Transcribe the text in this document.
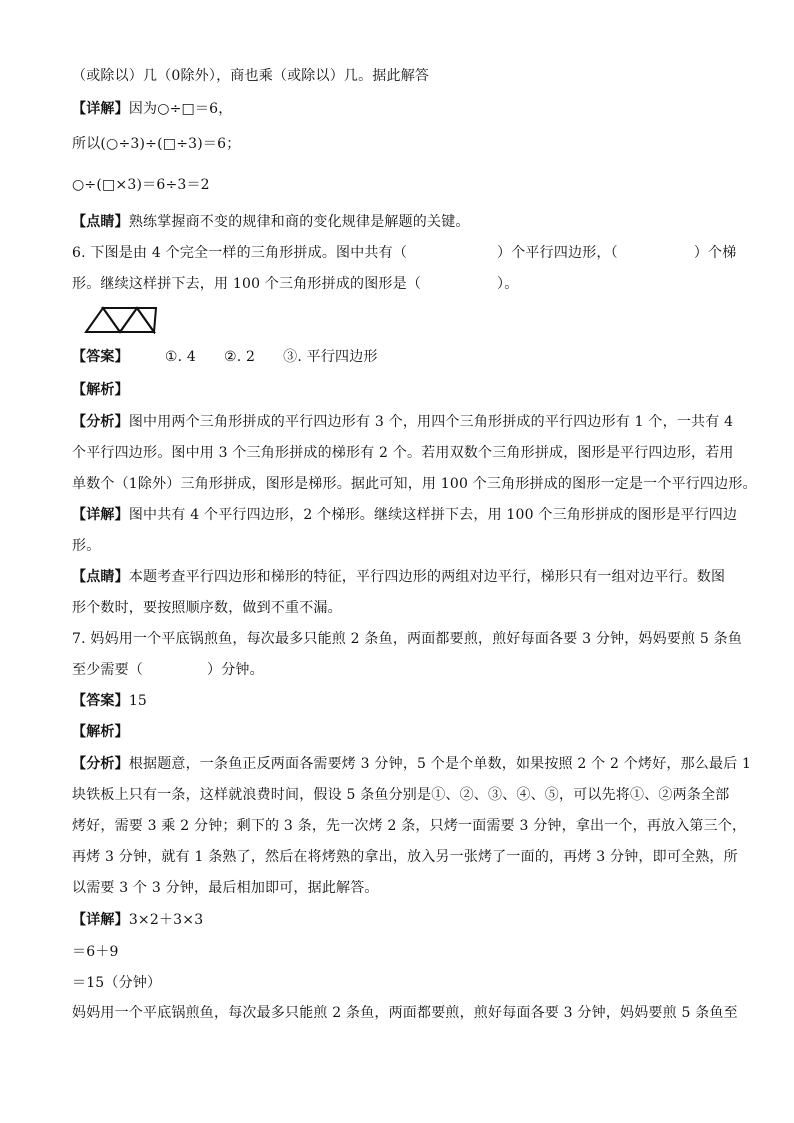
（或除以）几（0除外），商也乘（或除以）几。据此解答
【详解】因为○÷□＝6，
所以(○÷3)÷(□÷3)＝6；
○÷(□×3)＝6÷3＝2
【点睛】熟练掌握商不变的规律和商的变化规律是解题的关键。
6. 下图是由 4 个完全一样的三角形拼成。图中共有（	）个平行四边形，（	）个梯
形。继续这样拼下去，用 100 个三角形拼成的图形是（	）。
【答案】	①. 4 ②. 2 ③. 平行四边形
【解析】
【分析】图中用两个三角形拼成的平行四边形有 3 个，用四个三角形拼成的平行四边形有 1 个，一共有 4
个平行四边形。图中用 3 个三角形拼成的梯形有 2 个。若用双数个三角形拼成，图形是平行四边形，若用
单数个（1除外）三角形拼成，图形是梯形。据此可知，用 100 个三角形拼成的图形一定是一个平行四边形。
【详解】图中共有 4 个平行四边形，2 个梯形。继续这样拼下去，用 100 个三角形拼成的图形是平行四边
形。
【点睛】本题考查平行四边形和梯形的特征，平行四边形的两组对边平行，梯形只有一组对边平行。数图
形个数时，要按照顺序数，做到不重不漏。
7. 妈妈用一个平底锅煎鱼，每次最多只能煎 2 条鱼，两面都要煎，煎好每面各要 3 分钟，妈妈要煎 5 条鱼
至少需要（	）分钟。
【答案】15
【解析】
【分析】根据题意，一条鱼正反两面各需要烤 3 分钟，5 个是个单数，如果按照 2 个 2 个烤好，那么最后 1
块铁板上只有一条，这样就浪费时间，假设 5 条鱼分别是①、②、③、④、⑤，可以先将①、②两条全部
烤好，需要 3 乘 2 分钟；剩下的 3 条，先一次烤 2 条，只烤一面需要 3 分钟，拿出一个，再放入第三个，
再烤 3 分钟，就有 1 条熟了，然后在将烤熟的拿出，放入另一张烤了一面的，再烤 3 分钟，即可全熟，所
以需要 3 个 3 分钟，最后相加即可，据此解答。
【详解】3×2＋3×3
＝6＋9
＝15（分钟）
妈妈用一个平底锅煎鱼，每次最多只能煎 2 条鱼，两面都要煎，煎好每面各要 3 分钟，妈妈要煎 5 条鱼至
